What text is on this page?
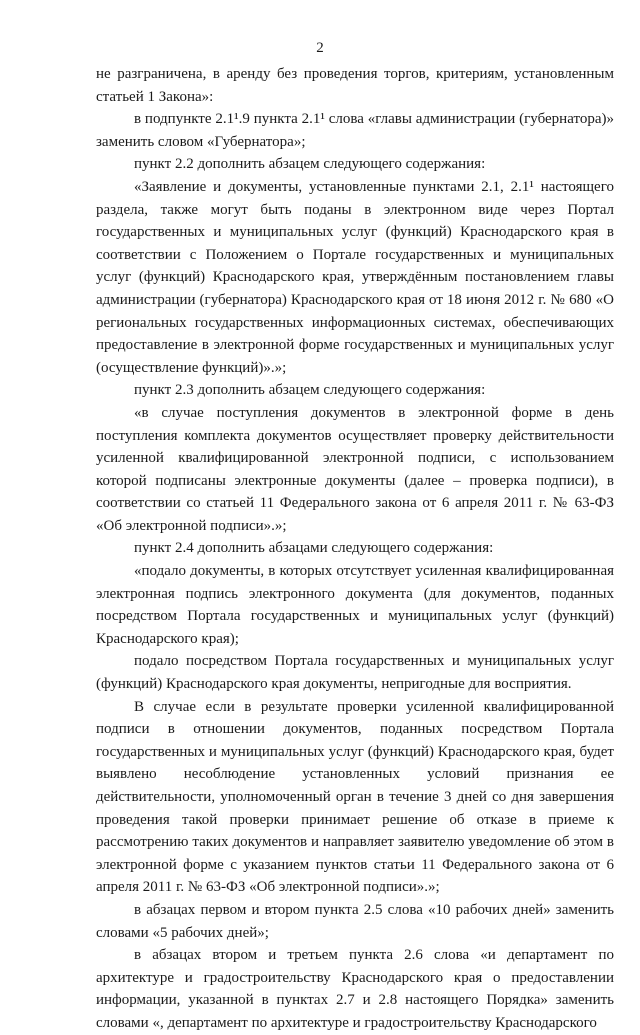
2

не разграничена, в аренду без проведения торгов, критериям, установленным статьей 1 Закона»:

в подпункте 2.1¹.9 пункта 2.1¹ слова «главы администрации (губернатора)» заменить словом «Губернатора»;

пункт 2.2 дополнить абзацем следующего содержания:

«Заявление и документы, установленные пунктами 2.1, 2.1¹ настоящего раздела, также могут быть поданы в электронном виде через Портал государственных и муниципальных услуг (функций) Краснодарского края в соответствии с Положением о Портале государственных и муниципальных услуг (функций) Краснодарского края, утверждённым постановлением главы администрации (губернатора) Краснодарского края от 18 июня 2012 г. № 680 «О региональных государственных информационных системах, обеспечивающих предоставление в электронной форме государственных и муниципальных услуг (осуществление функций)».»;

пункт 2.3 дополнить абзацем следующего содержания:

«в случае поступления документов в электронной форме в день поступления комплекта документов осуществляет проверку действительности усиленной квалифицированной электронной подписи, с использованием которой подписаны электронные документы (далее – проверка подписи), в соответствии со статьей 11 Федерального закона от 6 апреля 2011 г. № 63-ФЗ «Об электронной подписи».»;

пункт 2.4 дополнить абзацами следующего содержания:

«подало документы, в которых отсутствует усиленная квалифицированная электронная подпись электронного документа (для документов, поданных посредством Портала государственных и муниципальных услуг (функций) Краснодарского края);

подало посредством Портала государственных и муниципальных услуг (функций) Краснодарского края документы, непригодные для восприятия.

В случае если в результате проверки усиленной квалифицированной подписи в отношении документов, поданных посредством Портала государственных и муниципальных услуг (функций) Краснодарского края, будет выявлено несоблюдение установленных условий признания ее действительности, уполномоченный орган в течение 3 дней со дня завершения проведения такой проверки принимает решение об отказе в приеме к рассмотрению таких документов и направляет заявителю уведомление об этом в электронной форме с указанием пунктов статьи 11 Федерального закона от 6 апреля 2011 г. № 63-ФЗ «Об электронной подписи».»;

в абзацах первом и втором пункта 2.5 слова «10 рабочих дней» заменить словами «5 рабочих дней»;

в абзацах втором и третьем пункта 2.6 слова «и департамент по архитектуре и градостроительству Краснодарского края о предоставлении информации, указанной в пунктах 2.7 и 2.8 настоящего Порядка» заменить словами «, департамент по архитектуре и градостроительству Краснодарского
